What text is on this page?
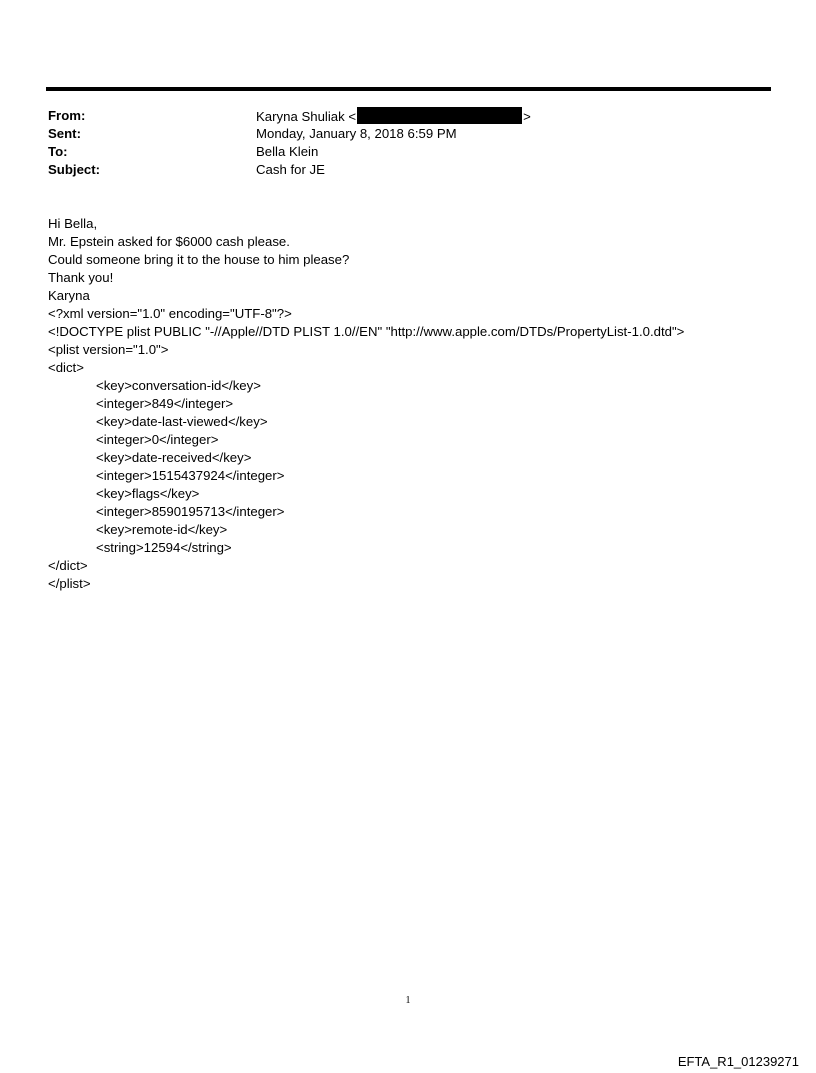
From:	Karyna Shuliak <	>
Sent:	Monday, January 8, 2018 6:59 PM
To:	Bella Klein
Subject:	Cash for JE
Hi Bella,
Mr. Epstein asked for $6000 cash please.
Could someone bring it to the house to him please?
Thank you!
Karyna
<?xml version="1.0" encoding="UTF-8"?>
<!DOCTYPE plist PUBLIC "-//Apple//DTD PLIST 1.0//EN" "http://www.apple.com/DTDs/PropertyList-1.0.dtd">
<plist version="1.0">
<dict>
<key>conversation-id</key>
<integer>849</integer>
<key>date-last-viewed</key>
<integer>0</integer>
<key>date-received</key>
<integer>1515437924</integer>
<key>flags</key>
<integer>8590195713</integer>
<key>remote-id</key>
<string>12594</string>
</dict>
</plist>
1
EFTA_R1_01239271
